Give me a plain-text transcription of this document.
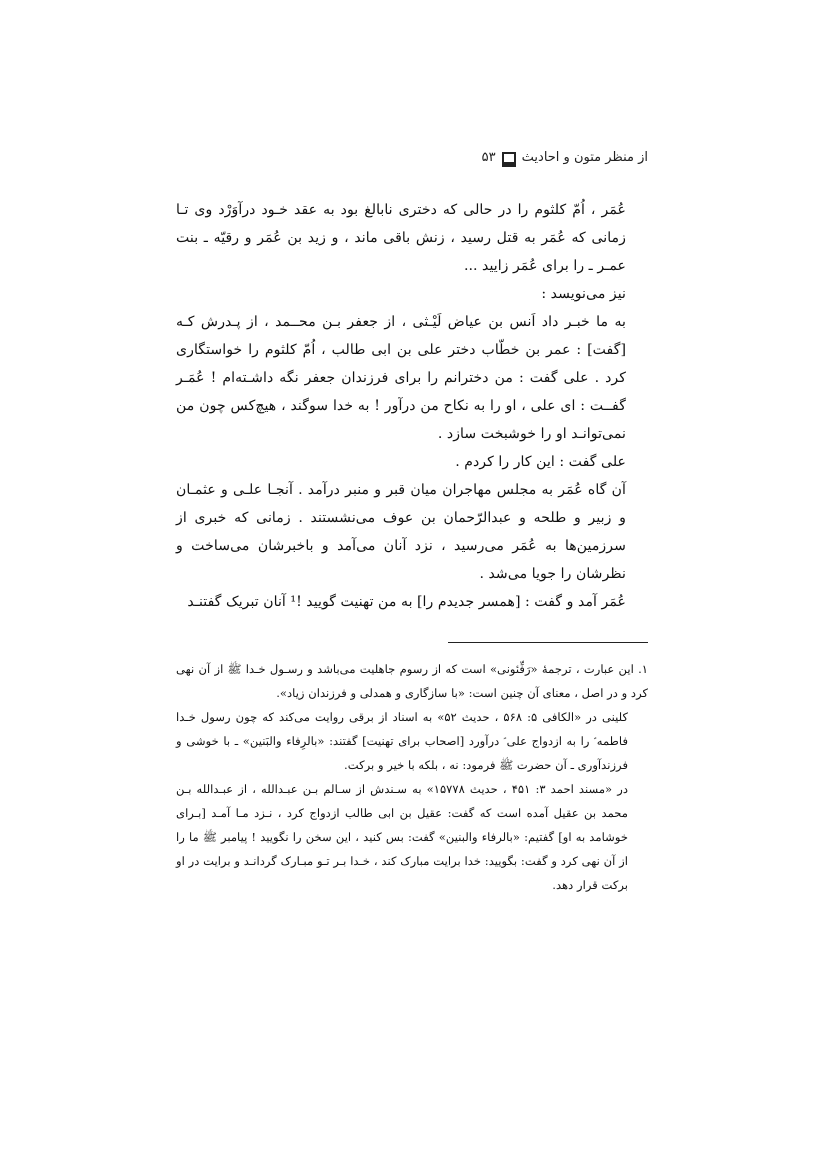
از منظر متون و احادیث
۵۳

عُمَر ، اُمّ کلثوم را در حالی که دختری نابالغ بود به عقد خـود درآوَرْد وی تـا زمانی که عُمَر به قتل رسید ، زنش باقی ماند ، و زید بن عُمَر و رقیّه ـ بنت عمـر ـ را برای عُمَر زایید ...

نیز می‌نویسد :

به ما خبـر داد اَنس بن عیاض لَیْـثی ، از جعفر بـن محــمد ، از پـدرش کـه [گفت] : عمر بن خطّاب دختر علی بن ابی طالب ، اُمّ کلثوم را خواستگاری کرد . علی گفت : من دخترانم را برای فرزندان جعفر نگه داشـته‌ام ! عُمَـر گفــت : ای علی ، او را به نکاح من درآور ! به خدا سوگند ، هیچ‌کس چون من نمی‌توانـد او را خوشبخت سازد .

علی گفت : این کار را کردم .

آن گاه عُمَر به مجلس مهاجران میان قبر و منبر درآمد . آنجـا علـی و عثمـان و زبیر و طلحه و عبدالرّحمان بن عوف می‌نشستند . زمانی که خبری از سرزمین‌ها به عُمَر می‌رسید ، نزد آنان می‌آمد و باخبرشان می‌ساخت و نظرشان را جویا می‌شد .

عُمَر آمد و گفت : [همسر جدیدم را] به من تهنیت گویید !¹ آنان تبریک گفتنـد

۱. این عبارت ، ترجمهٔ «رَفِّئونی» است که از رسوم جاهلیت می‌باشد و رسـول خـدا ﷺ از آن نهی کرد و در اصل ، معنای آن چنین است: «با سازگاری و همدلی و فرزندان زیاد».

کلینی در «الکافی ۵: ۵۶۸ ، حدیث ۵۲» به اسناد از برقی روایت می‌کند که چون رسول خـدا فاطمه ؑ را به ازدواج علی ؑ درآورد [اصحاب برای تهنیت] گفتند: «بالرِفاء والبَنین» ـ با خوشی و فرزندآوری ـ آن حضرت ﷺ فرمود: نه ، بلکه با خیر و برکت.

در «مسند احمد ۳: ۴۵۱ ، حدیث ۱۵۷۷۸» به سـندش از سـالم بـن عبـدالله ، از عبـدالله بـن محمد بن عقیل آمده است که گفت: عقیل بن ابی طالب ازدواج کرد ، نـزد مـا آمـد [بـرای خوشامد به او] گفتیم: «بالرفاء والبنین» گفت: بس کنید ، این سخن را نگویید ! پیامبر ﷺ ما را از آن نهی کرد و گفت: بگویید: خدا برایت مبارک کند ، خـدا بـر تـو مبـارک گردانـد و برایت در او برکت قرار دهد.
